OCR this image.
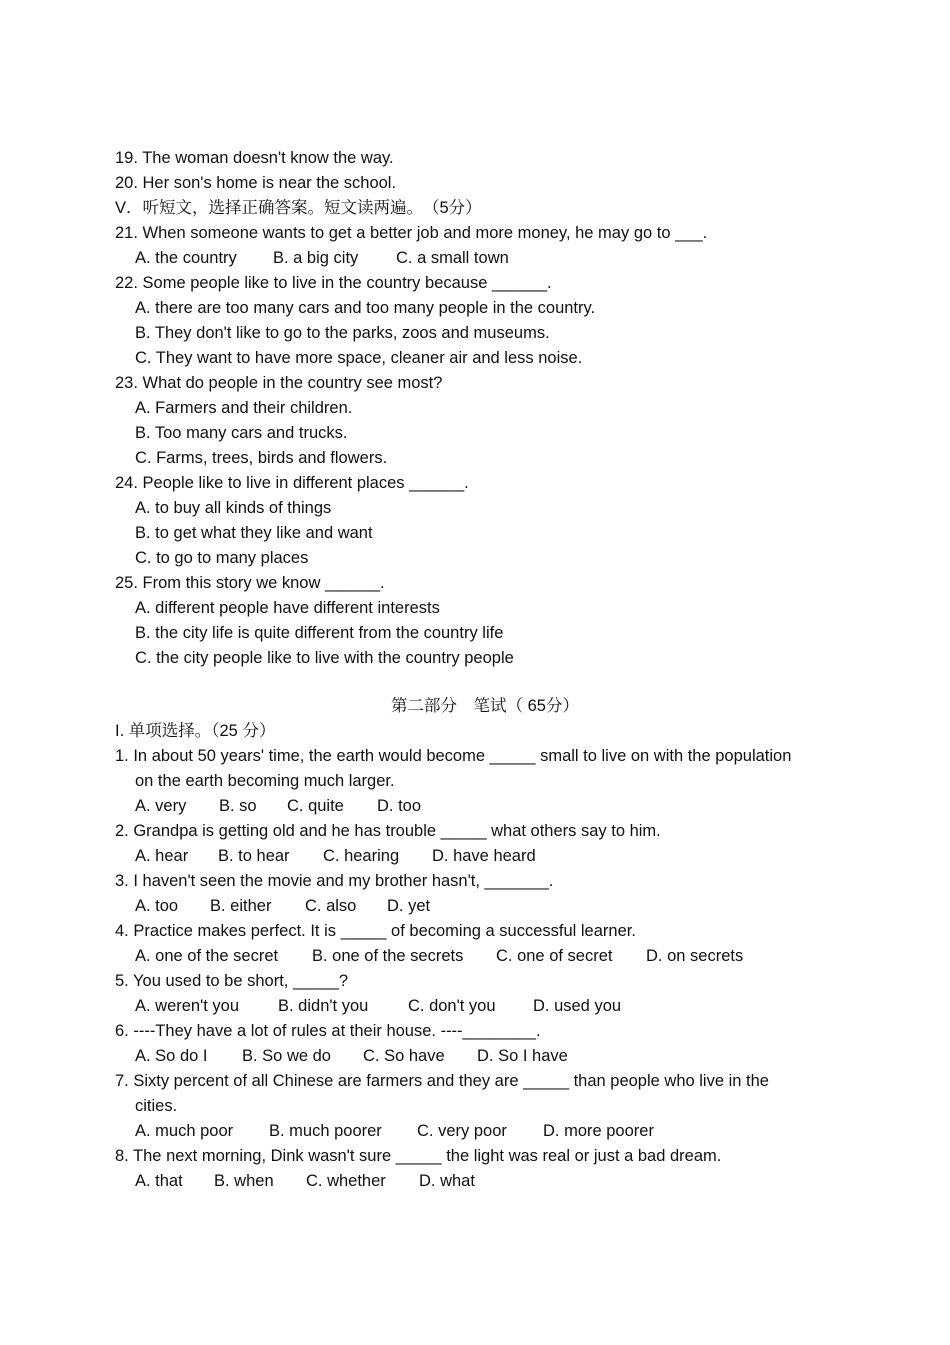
19. The woman doesn't know the way.
20. Her son's home is near the school.
V．听短文，选择正确答案。短文读两遍。　（5分）
21. When someone wants to get a better job and more money, he may go to ___.
A. the country B. a big city C. a small town
22. Some people like to live in the country because ______.
A. there are too many cars and too many people in the country.
B. They don't like to go to the parks, zoos and museums.
C. They want to have more space, cleaner air and less noise.
23. What do people in the country see most?
A. Farmers and their children.
B. Too many cars and trucks.
C. Farms, trees, birds and flowers.
24. People like to live in different places ______.
A. to buy all kinds of things
B. to get what they like and want
C. to go to many places
25. From this story we know ______.
A. different people have different interests
B. the city life is quite different from the country life
C. the city people like to live with the country people
第二部分　笔试（ 65分）
I. 单项选择。（25 分）
1. In about 50 years' time, the earth would become _____ small to live on with the population
on the earth becoming much larger.
A. very B. so C. quite D. too
2. Grandpa is getting old and he has trouble _____ what others say to him.
A. hear B. to hear C. hearing D. have heard
3. I haven't seen the movie and my brother hasn't, _______.
A. too B. either C. also D. yet
4. Practice makes perfect. It is _____ of becoming a successful learner.
A. one of the secret B. one of the secrets C. one of secret D. on secrets
5. You used to be short, _____?
A. weren't you B. didn't you C. don't you D. used you
6. ----They have a lot of rules at their house. ----________.
A. So do I B. So we do C. So have D. So I have
7. Sixty percent of all Chinese are farmers and they are _____ than people who live in the
cities.
A. much poor B. much poorer C. very poor D. more poorer
8. The next morning, Dink wasn't sure _____ the light was real or just a bad dream.
A. that B. when C. whether D. what
